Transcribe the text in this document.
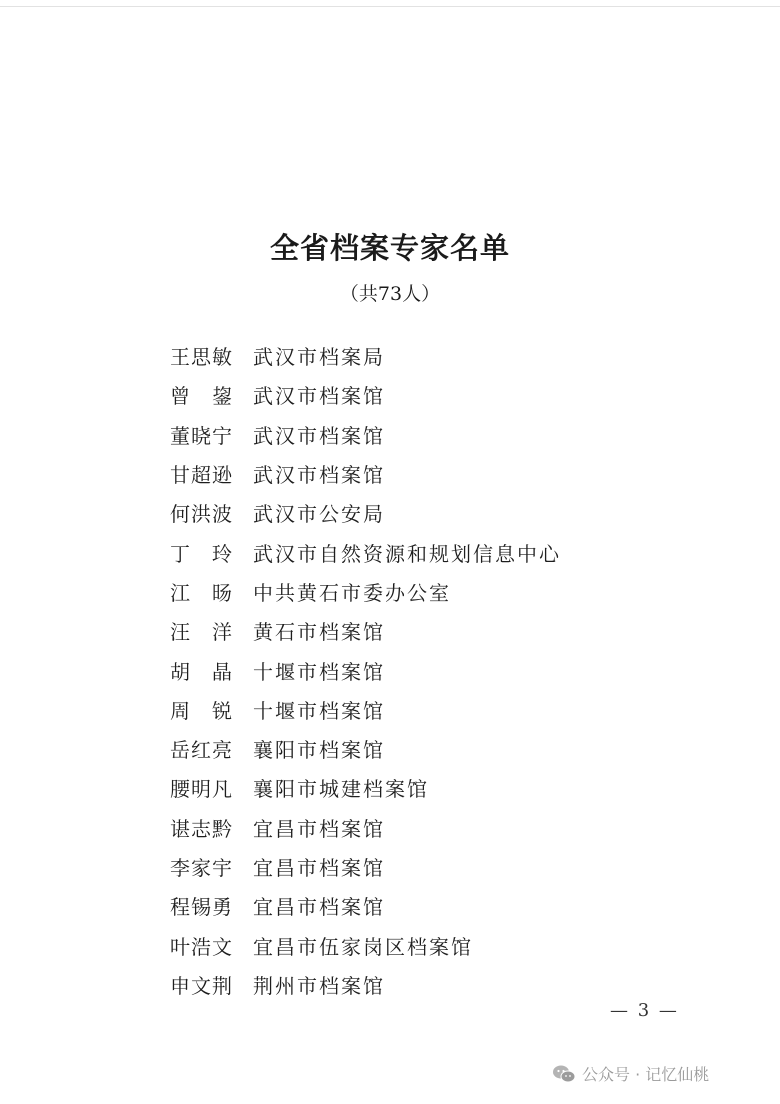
全省档案专家名单
（共73人）
王 思 敏 武汉市档案局
曾 鋆 武汉市档案馆
董 晓 宁 武汉市档案馆
甘 超 逊 武汉市档案馆
何 洪 波 武汉市公安局
丁 玲 武汉市自然资源和规划信息中心
江 旸 中共黄石市委办公室
汪 洋 黄石市档案馆
胡 晶 十堰市档案馆
周 锐 十堰市档案馆
岳 红 亮 襄阳市档案馆
腰 明 凡 襄阳市城建档案馆
谌 志 黔 宜昌市档案馆
李 家 宇 宜昌市档案馆
程 锡 勇 宜昌市档案馆
叶 浩 文 宜昌市伍家岗区档案馆
申 文 荆 荆州市档案馆
— 3 —
公众号 · 记忆仙桃
